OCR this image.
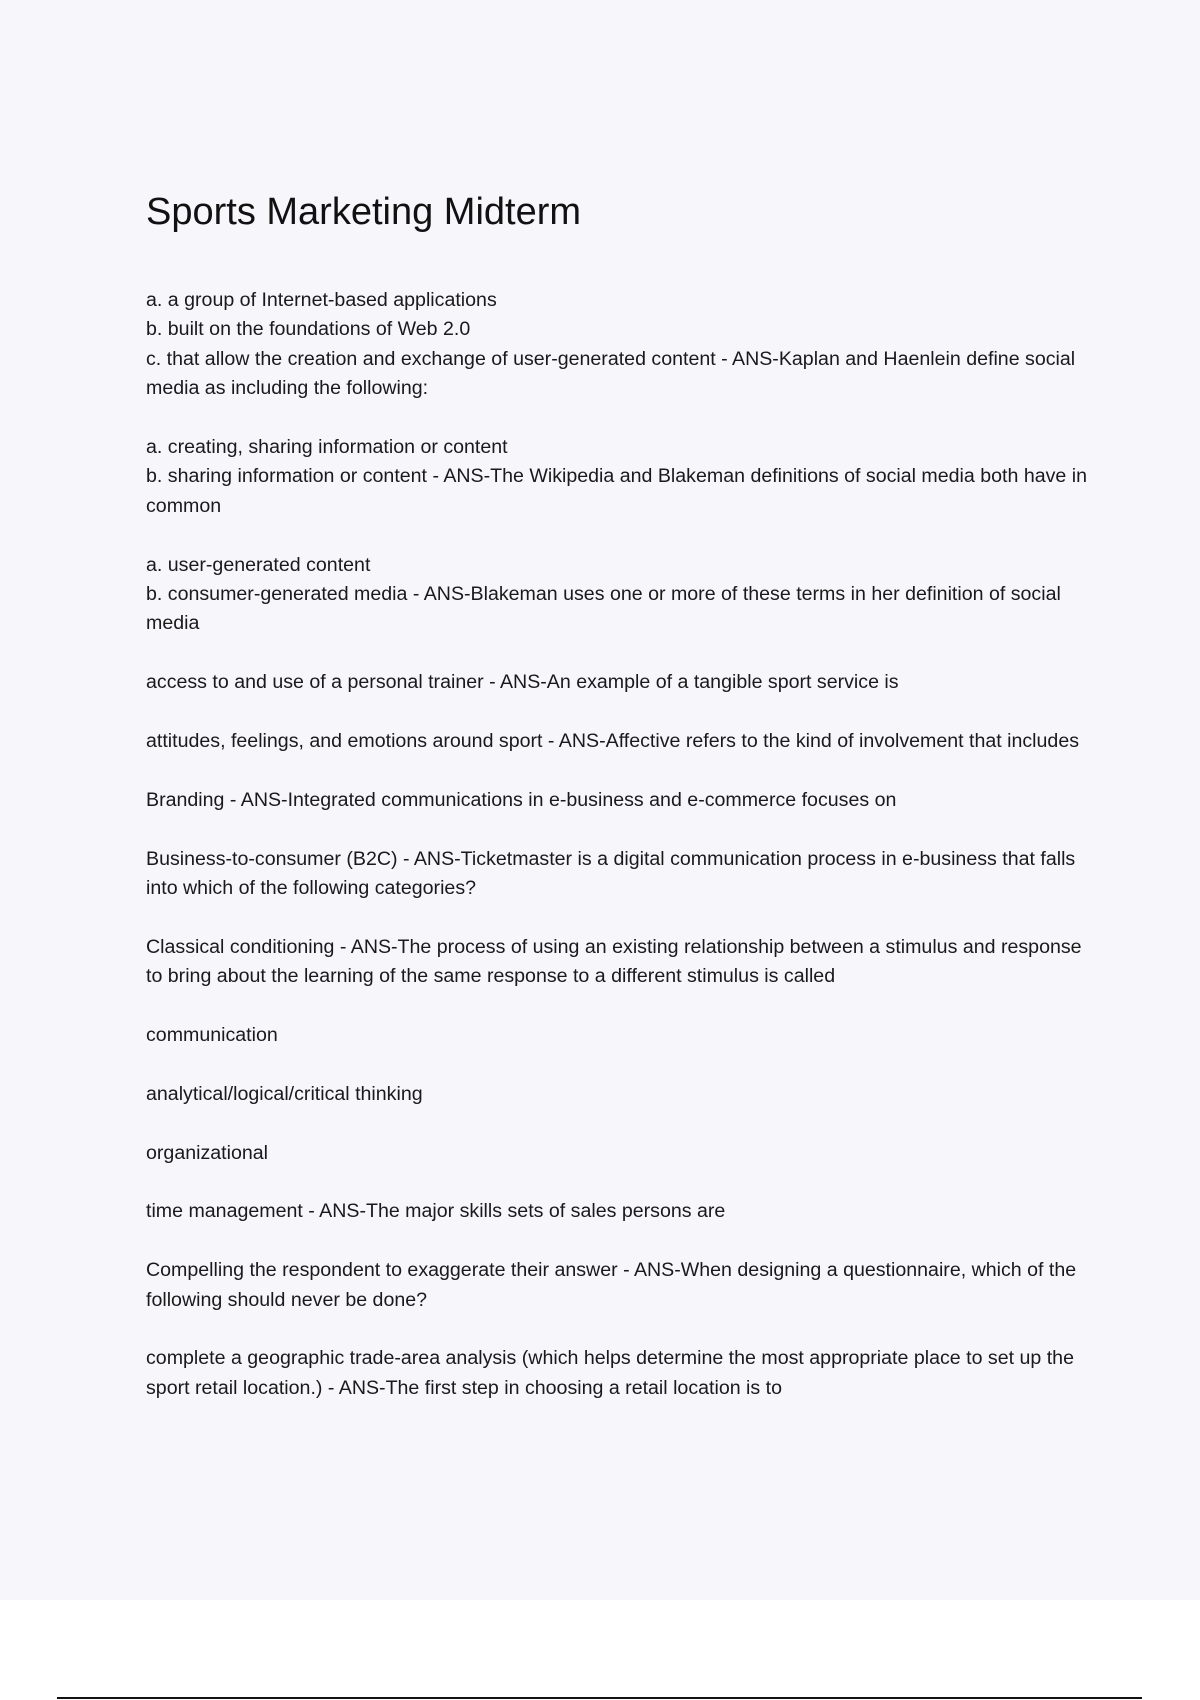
Sports Marketing Midterm

a. a group of Internet-based applications

b. built on the foundations of Web 2.0

c. that allow the creation and exchange of user-generated content - ANS-Kaplan and Haenlein define social media as including the following:

a. creating, sharing information or content

b. sharing information or content - ANS-The Wikipedia and Blakeman definitions of social media both have in common

a. user-generated content

b. consumer-generated media - ANS-Blakeman uses one or more of these terms in her definition of social media

access to and use of a personal trainer - ANS-An example of a tangible sport service is

attitudes, feelings, and emotions around sport - ANS-Affective refers to the kind of involvement that includes

Branding - ANS-Integrated communications in e-business and e-commerce focuses on

Business-to-consumer (B2C) - ANS-Ticketmaster is a digital communication process in e-business that falls into which of the following categories?

Classical conditioning - ANS-The process of using an existing relationship between a stimulus and response to bring about the learning of the same response to a different stimulus is called

communication

analytical/logical/critical thinking

organizational

time management - ANS-The major skills sets of sales persons are

Compelling the respondent to exaggerate their answer - ANS-When designing a questionnaire, which of the following should never be done?

complete a geographic trade-area analysis (which helps determine the most appropriate place to set up the sport retail location.) - ANS-The first step in choosing a retail location is to
